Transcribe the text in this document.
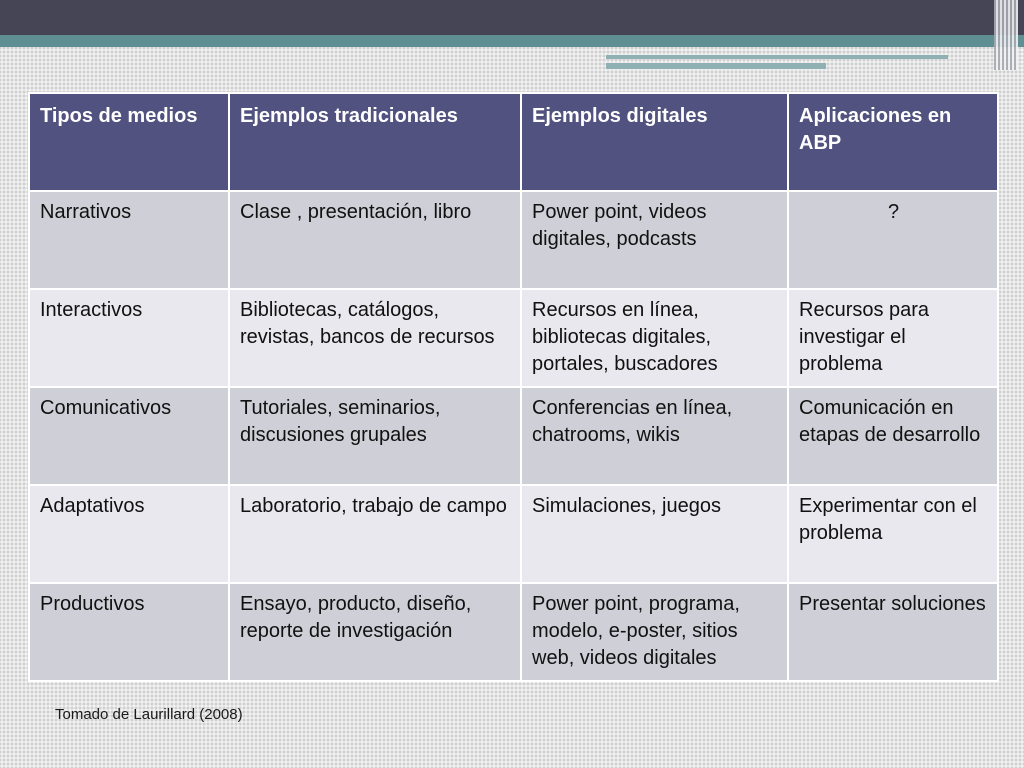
Tipos de medios	Ejemplos tradicionales	Ejemplos digitales	Aplicaciones en ABP
Narrativos	Clase , presentación, libro	Power point, videos digitales, podcasts	?
Interactivos	Bibliotecas, catálogos, revistas, bancos de recursos	Recursos en línea, bibliotecas digitales, portales, buscadores	Recursos para investigar el problema
Comunicativos	Tutoriales, seminarios, discusiones grupales	Conferencias en línea, chatrooms, wikis	Comunicación en etapas de desarrollo
Adaptativos	Laboratorio, trabajo de campo	Simulaciones, juegos	Experimentar con el problema
Productivos	Ensayo, producto, diseño, reporte de investigación	Power point, programa, modelo, e-poster, sitios web, videos digitales	Presentar soluciones
Tomado de Laurillard (2008)
